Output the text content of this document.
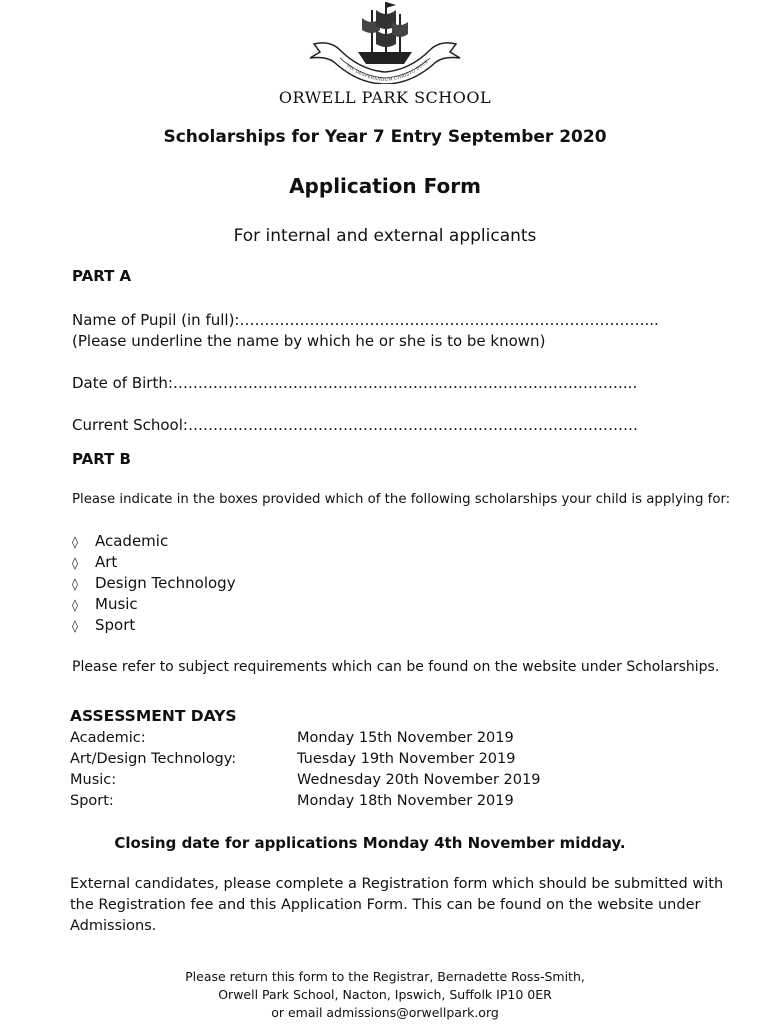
NIL DESPERANDUM CHRISTO DUCE
ORWELL PARK SCHOOL
Scholarships for Year 7 Entry September 2020
Application Form
For internal and external applicants
PART A
Name of Pupil (in full):………………………………………………………………………...
(Please underline the name by which he or she is to be known)
Date of Birth:………………………………………………………………………………...
Current School:………………………………………………………………………………
PART B
Please indicate in the boxes provided which of the following scholarships your child is applying for:
◊ Academic
◊ Art
◊ Design Technology
◊ Music
◊ Sport
Please refer to subject requirements which can be found on the website under Scholarships.
ASSESSMENT DAYS
Academic:	Monday 15th November 2019
Art/Design Technology:	Tuesday 19th November 2019
Music:	Wednesday 20th November 2019
Sport:	Monday 18th November 2019
Closing date for applications Monday 4th November midday.
External candidates, please complete a Registration form which should be submitted with
the Registration fee and this Application Form. This can be found on the website under
Admissions.
Please return this form to the Registrar, Bernadette Ross-Smith,
Orwell Park School, Nacton, Ipswich, Suffolk IP10 0ER
or email admissions@orwellpark.org
